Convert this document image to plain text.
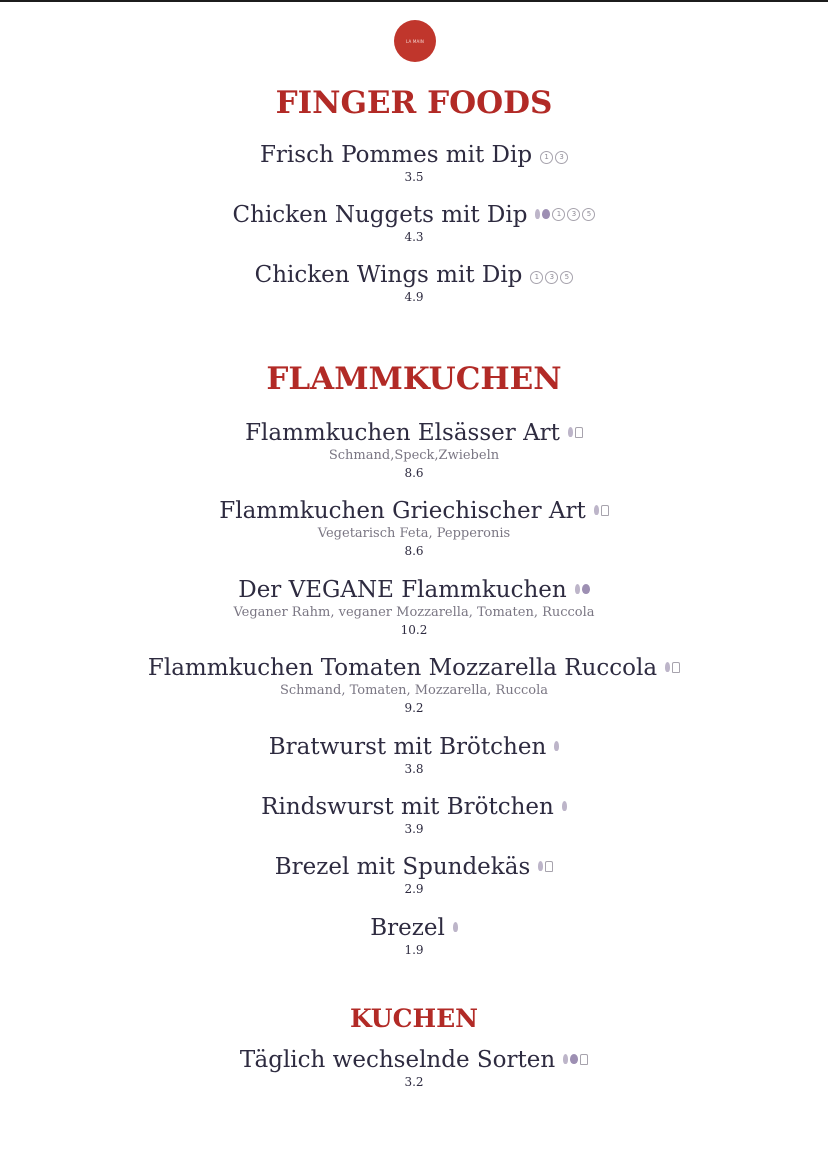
LA MAIN
FINGER FOODS
Frisch Pommes mit Dip	1	3
3.5
Chicken Nuggets mit Dip	1	3	5
4.3
Chicken Wings mit Dip	1	3	5
4.9
FLAMMKUCHEN
Flammkuchen Elsässer Art
Schmand,Speck,Zwiebeln
8.6
Flammkuchen Griechischer Art
Vegetarisch Feta, Pepperonis
8.6
Der VEGANE Flammkuchen
Veganer Rahm, veganer Mozzarella, Tomaten, Ruccola
10.2
Flammkuchen Tomaten Mozzarella Ruccola
Schmand, Tomaten, Mozzarella, Ruccola
9.2
Bratwurst mit Brötchen
3.8
Rindswurst mit Brötchen
3.9
Brezel mit Spundekäs
2.9
Brezel
1.9
KUCHEN
Täglich wechselnde Sorten
3.2
